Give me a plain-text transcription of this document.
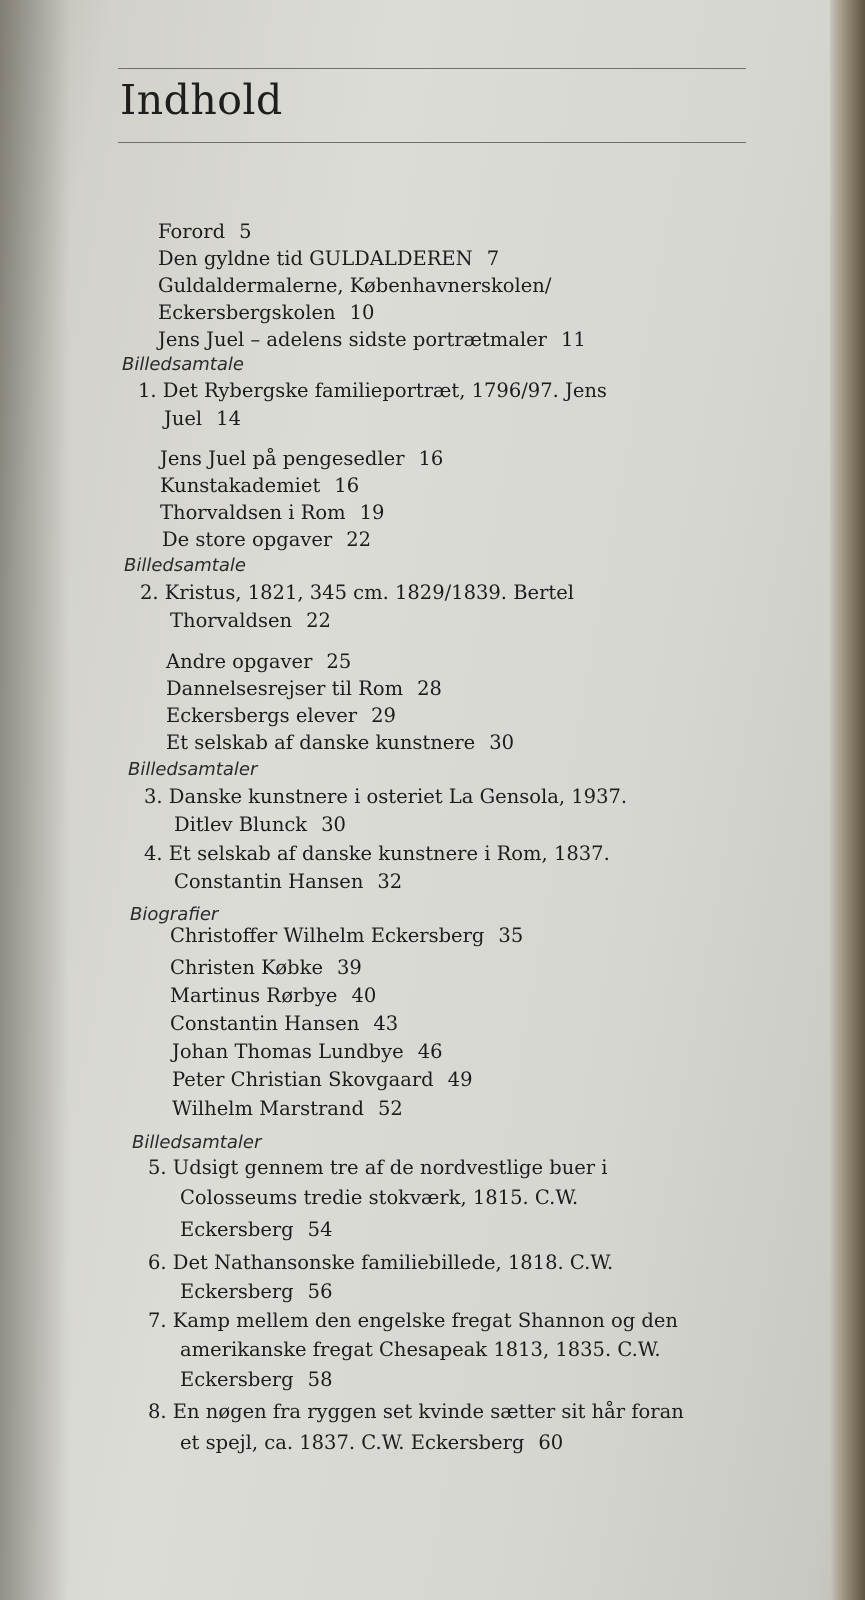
Indhold
Forord 5
Den gyldne tid GULDALDEREN 7
Guldaldermalerne, Københavnerskolen/
Eckersbergskolen 10
Jens Juel – adelens sidste portrætmaler 11
Billedsamtale
1. Det Rybergske familieportræt, 1796/97. Jens
Juel 14
Jens Juel på pengesedler 16
Kunstakademiet 16
Thorvaldsen i Rom 19
De store opgaver 22
Billedsamtale
2. Kristus, 1821, 345 cm. 1829/1839. Bertel
Thorvaldsen 22
Andre opgaver 25
Dannelsesrejser til Rom 28
Eckersbergs elever 29
Et selskab af danske kunstnere 30
Billedsamtaler
3. Danske kunstnere i osteriet La Gensola, 1937.
Ditlev Blunck 30
4. Et selskab af danske kunstnere i Rom, 1837.
Constantin Hansen 32
Biografier
Christoffer Wilhelm Eckersberg 35
Christen Købke 39
Martinus Rørbye 40
Constantin Hansen 43
Johan Thomas Lundbye 46
Peter Christian Skovgaard 49
Wilhelm Marstrand 52
Billedsamtaler
5. Udsigt gennem tre af de nordvestlige buer i
Colosseums tredie stokværk, 1815. C.W.
Eckersberg 54
6. Det Nathansonske familiebillede, 1818. C.W.
Eckersberg 56
7. Kamp mellem den engelske fregat Shannon og den
amerikanske fregat Chesapeak 1813, 1835. C.W.
Eckersberg 58
8. En nøgen fra ryggen set kvinde sætter sit hår foran
et spejl, ca. 1837. C.W. Eckersberg 60
